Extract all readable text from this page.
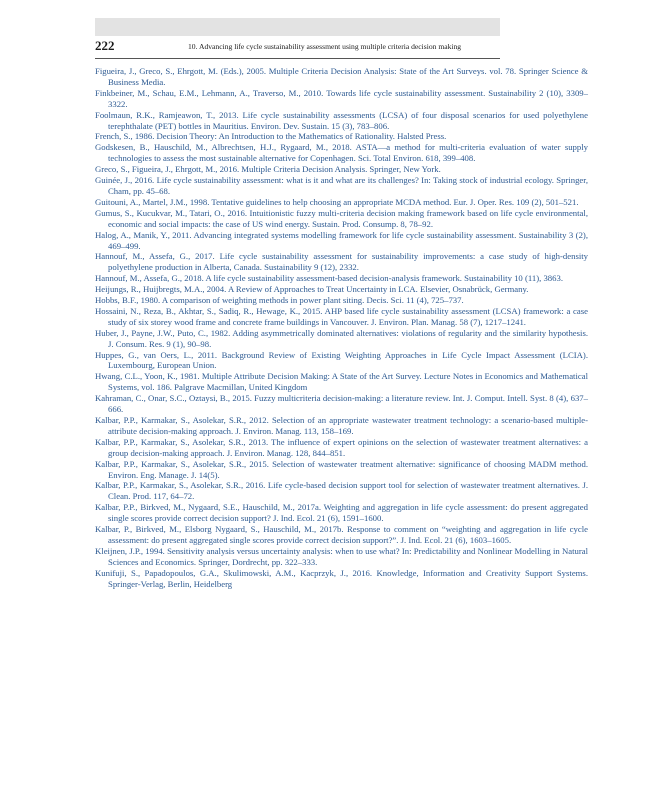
222	10. Advancing life cycle sustainability assessment using multiple criteria decision making
Figueira, J., Greco, S., Ehrgott, M. (Eds.), 2005. Multiple Criteria Decision Analysis: State of the Art Surveys. vol. 78. Springer Science & Business Media.
Finkbeiner, M., Schau, E.M., Lehmann, A., Traverso, M., 2010. Towards life cycle sustainability assessment. Sustainability 2 (10), 3309–3322.
Foolmaun, R.K., Ramjeawon, T., 2013. Life cycle sustainability assessments (LCSA) of four disposal scenarios for used polyethylene terephthalate (PET) bottles in Mauritius. Environ. Dev. Sustain. 15 (3), 783–806.
French, S., 1986. Decision Theory: An Introduction to the Mathematics of Rationality. Halsted Press.
Godskesen, B., Hauschild, M., Albrechtsen, H.J., Rygaard, M., 2018. ASTA—a method for multi-criteria evaluation of water supply technologies to assess the most sustainable alternative for Copenhagen. Sci. Total Environ. 618, 399–408.
Greco, S., Figueira, J., Ehrgott, M., 2016. Multiple Criteria Decision Analysis. Springer, New York.
Guinée, J., 2016. Life cycle sustainability assessment: what is it and what are its challenges? In: Taking stock of industrial ecology. Springer, Cham, pp. 45–68.
Guitouni, A., Martel, J.M., 1998. Tentative guidelines to help choosing an appropriate MCDA method. Eur. J. Oper. Res. 109 (2), 501–521.
Gumus, S., Kucukvar, M., Tatari, O., 2016. Intuitionistic fuzzy multi-criteria decision making framework based on life cycle environmental, economic and social impacts: the case of US wind energy. Sustain. Prod. Consump. 8, 78–92.
Halog, A., Manik, Y., 2011. Advancing integrated systems modelling framework for life cycle sustainability assessment. Sustainability 3 (2), 469–499.
Hannouf, M., Assefa, G., 2017. Life cycle sustainability assessment for sustainability improvements: a case study of high-density polyethylene production in Alberta, Canada. Sustainability 9 (12), 2332.
Hannouf, M., Assefa, G., 2018. A life cycle sustainability assessment-based decision-analysis framework. Sustainability 10 (11), 3863.
Heijungs, R., Huijbregts, M.A., 2004. A Review of Approaches to Treat Uncertainty in LCA. Elsevier, Osnabrück, Germany.
Hobbs, B.F., 1980. A comparison of weighting methods in power plant siting. Decis. Sci. 11 (4), 725–737.
Hossaini, N., Reza, B., Akhtar, S., Sadiq, R., Hewage, K., 2015. AHP based life cycle sustainability assessment (LCSA) framework: a case study of six storey wood frame and concrete frame buildings in Vancouver. J. Environ. Plan. Manag. 58 (7), 1217–1241.
Huber, J., Payne, J.W., Puto, C., 1982. Adding asymmetrically dominated alternatives: violations of regularity and the similarity hypothesis. J. Consum. Res. 9 (1), 90–98.
Huppes, G., van Oers, L., 2011. Background Review of Existing Weighting Approaches in Life Cycle Impact Assessment (LCIA). Luxembourg, European Union.
Hwang, C.L., Yoon, K., 1981. Multiple Attribute Decision Making: A State of the Art Survey. Lecture Notes in Economics and Mathematical Systems, vol. 186. Palgrave Macmillan, United Kingdom
Kahraman, C., Onar, S.C., Oztaysi, B., 2015. Fuzzy multicriteria decision-making: a literature review. Int. J. Comput. Intell. Syst. 8 (4), 637–666.
Kalbar, P.P., Karmakar, S., Asolekar, S.R., 2012. Selection of an appropriate wastewater treatment technology: a scenario-based multiple-attribute decision-making approach. J. Environ. Manag. 113, 158–169.
Kalbar, P.P., Karmakar, S., Asolekar, S.R., 2013. The influence of expert opinions on the selection of wastewater treatment alternatives: a group decision-making approach. J. Environ. Manag. 128, 844–851.
Kalbar, P.P., Karmakar, S., Asolekar, S.R., 2015. Selection of wastewater treatment alternative: significance of choosing MADM method. Environ. Eng. Manage. J. 14(5).
Kalbar, P.P., Karmakar, S., Asolekar, S.R., 2016. Life cycle-based decision support tool for selection of wastewater treatment alternatives. J. Clean. Prod. 117, 64–72.
Kalbar, P.P., Birkved, M., Nygaard, S.E., Hauschild, M., 2017a. Weighting and aggregation in life cycle assessment: do present aggregated single scores provide correct decision support? J. Ind. Ecol. 21 (6), 1591–1600.
Kalbar, P., Birkved, M., Elsborg Nygaard, S., Hauschild, M., 2017b. Response to comment on “weighting and aggregation in life cycle assessment: do present aggregated single scores provide correct decision support?”. J. Ind. Ecol. 21 (6), 1603–1605.
Kleijnen, J.P., 1994. Sensitivity analysis versus uncertainty analysis: when to use what? In: Predictability and Nonlinear Modelling in Natural Sciences and Economics. Springer, Dordrecht, pp. 322–333.
Kunifuji, S., Papadopoulos, G.A., Skulimowski, A.M., Kacprzyk, J., 2016. Knowledge, Information and Creativity Support Systems. Springer-Verlag, Berlin, Heidelberg
